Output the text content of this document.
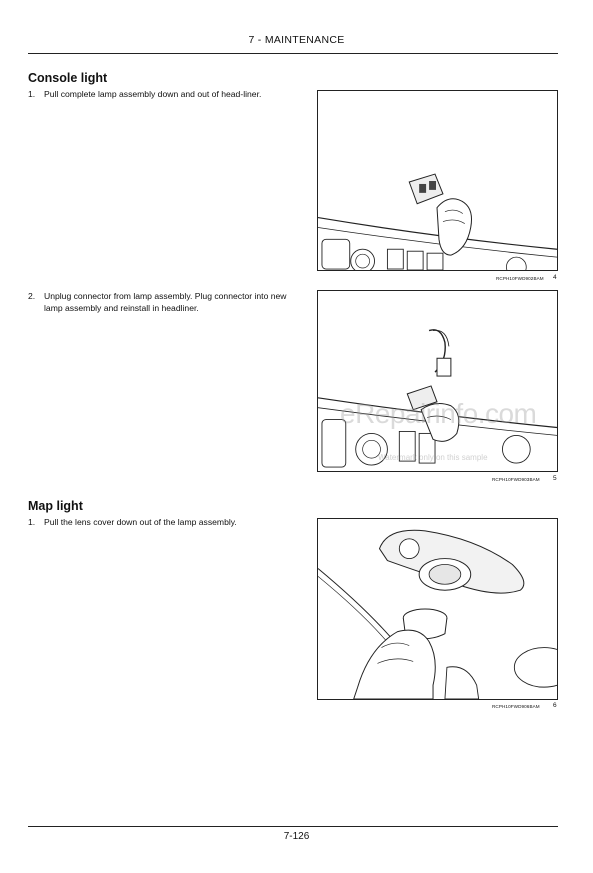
7 - MAINTENANCE
Console light
1.	Pull complete lamp assembly down and out of head-liner.
RCPH10FWD902BAM 4
2.	Unplug connector from lamp assembly. Plug connector into new lamp assembly and reinstall in headliner.
RCPH10FWD903BAM 5
eRepairinfo.com
Watermark only on this sample
Map light
1.	Pull the lens cover down out of the lamp assembly.
RCPH10FWD906BAM 6
7-126
